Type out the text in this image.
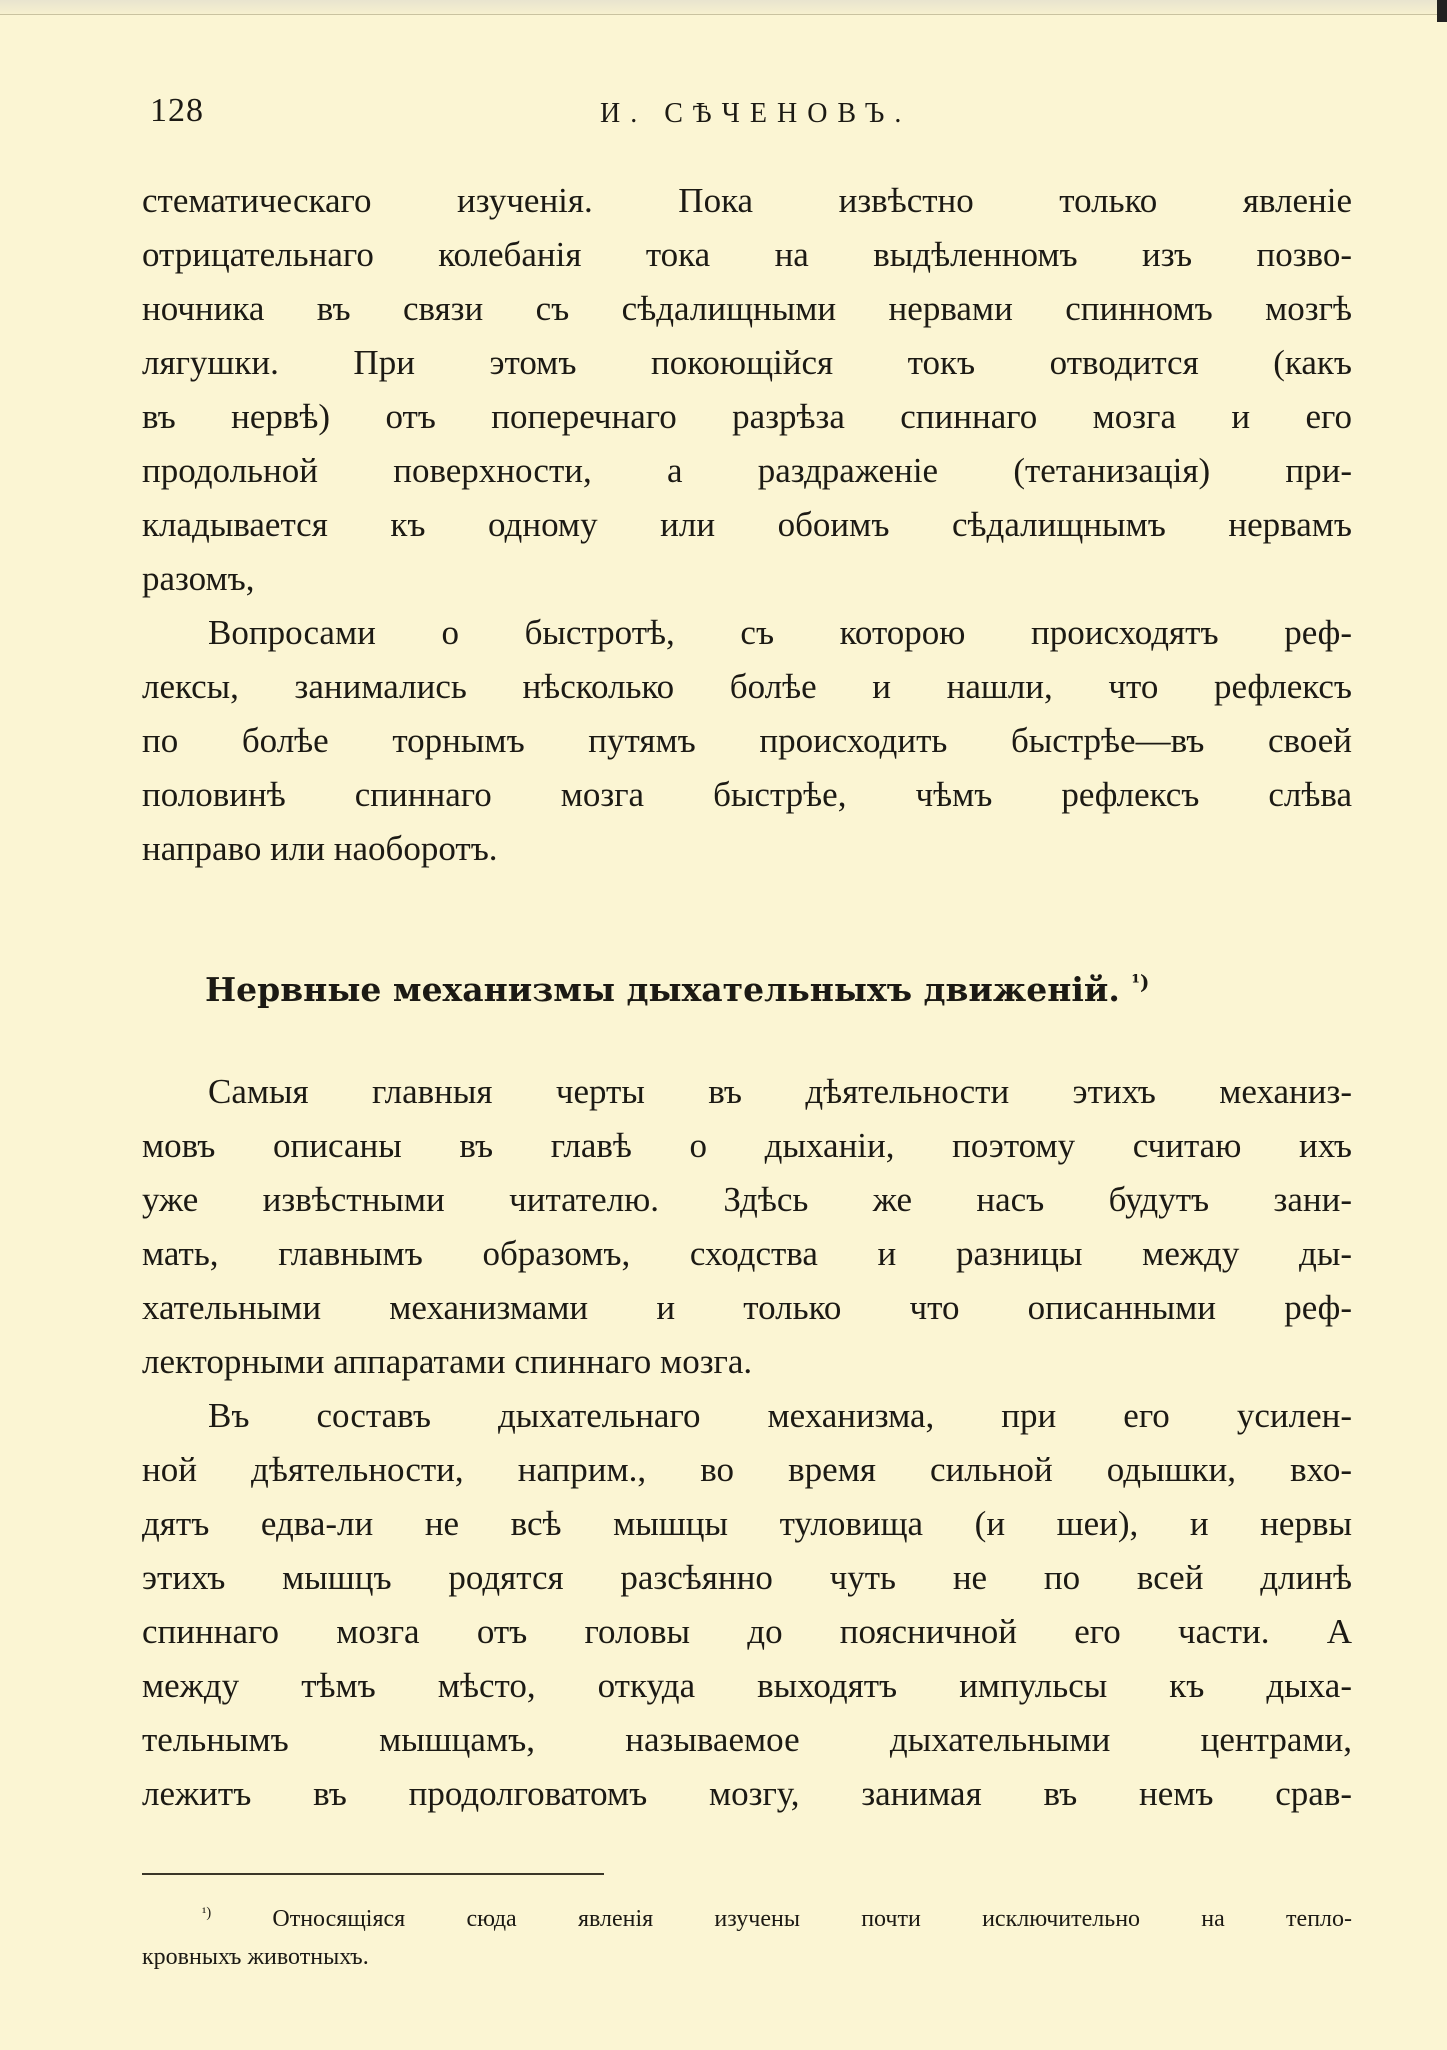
128	И. СѢЧЕНОВЪ.
стематическаго изученія. Пока извѣстно только явленіе
отрицательнаго колебанія тока на выдѣленномъ изъ позво-
ночника въ связи съ сѣдалищными нервами спинномъ мозгѣ
лягушки. При этомъ покоющійся токъ отводится (какъ
въ нервѣ) отъ поперечнаго разрѣза спиннаго мозга и его
продольной поверхности, а раздраженіе (тетанизація) при-
кладывается къ одному или обоимъ сѣдалищнымъ нервамъ
разомъ,
Вопросами о быстротѣ, съ которою происходятъ реф-
лексы, занимались нѣсколько болѣе и нашли, что рефлексъ
по болѣе торнымъ путямъ происходить быстрѣе—въ своей
половинѣ спиннаго мозга быстрѣе, чѣмъ рефлексъ слѣва
направо или наоборотъ.
Нервные механизмы дыхательныхъ движеній. $^{^1)}$
Самыя главныя черты въ дѣятельности этихъ механиз-
мовъ описаны въ главѣ о дыханіи, поэтому считаю ихъ
уже извѣстными читателю. Здѣсь же насъ будутъ зани-
мать, главнымъ образомъ, сходства и разницы между ды-
хательными механизмами и только что описанными реф-
лекторными аппаратами спиннаго мозга.
Въ составъ дыхательнаго механизма, при его усилен-
ной дѣятельности, наприм., во время сильной одышки, вхо-
дятъ едва-ли не всѣ мышцы туловища (и шеи), и нервы
этихъ мышцъ родятся разсѣянно чуть не по всей длинѣ
спиннаго мозга отъ головы до поясничной его части. А
между тѣмъ мѣсто, откуда выходятъ импульсы къ дыха-
тельнымъ мышцамъ, называемое дыхательными центрами,
лежитъ въ продолговатомъ мозгу, занимая въ немъ срав-
$^{^1)}$	Относящіяся сюда явленія изучены почти исключительно на тепло-
кровныхъ животныхъ.
